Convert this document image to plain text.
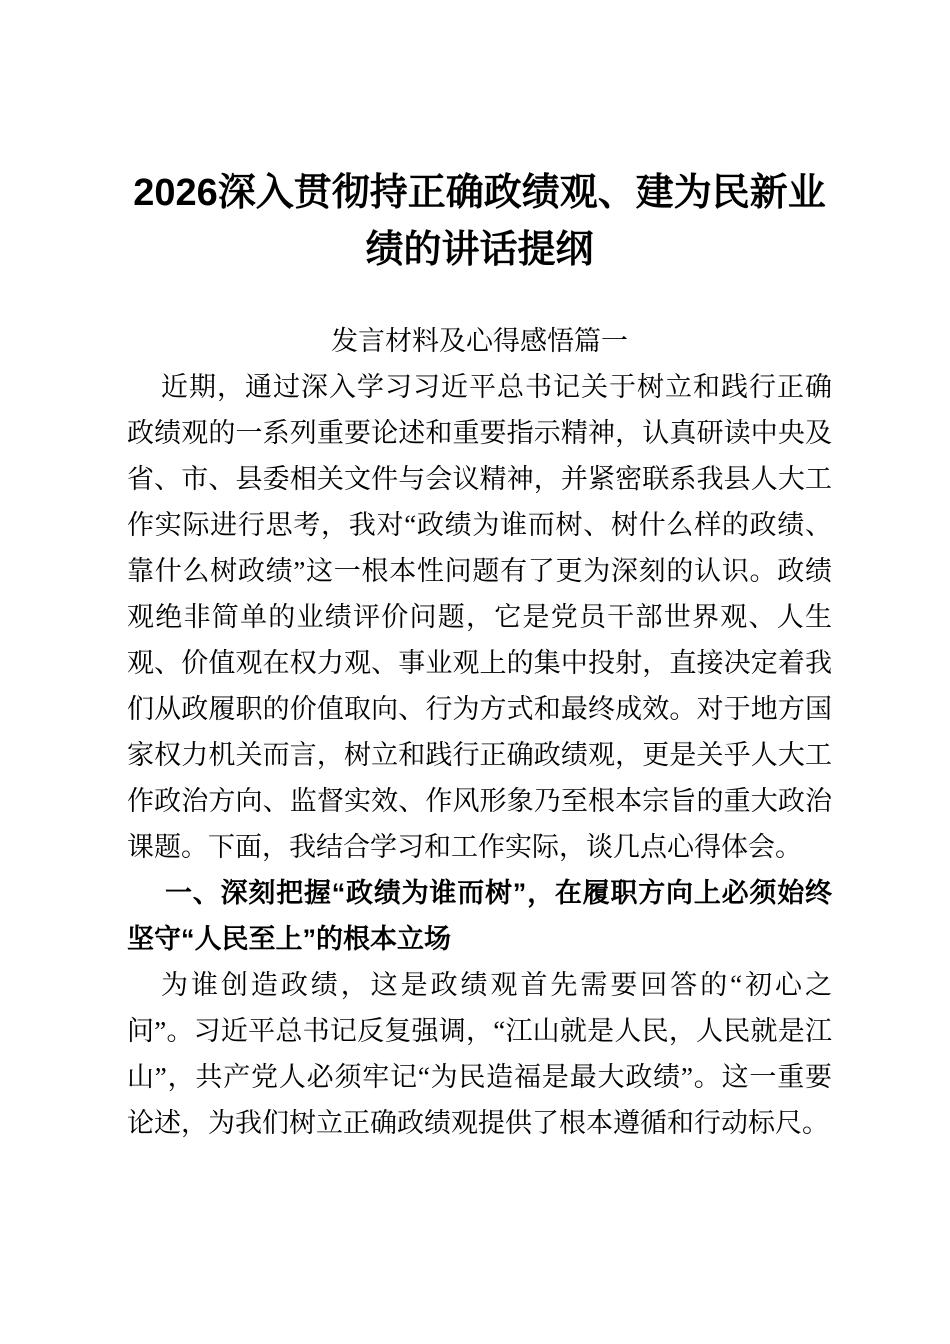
2026深入贯彻持正确政绩观、建为民新业绩的讲话提纲
发言材料及心得感悟篇一

近期，通过深入学习习近平总书记关于树立和践行正确政绩观的一系列重要论述和重要指示精神，认真研读中央及省、市、县委相关文件与会议精神，并紧密联系我县人大工作实际进行思考，我对“政绩为谁而树、树什么样的政绩、靠什么树政绩”这一根本性问题有了更为深刻的认识。政绩观绝非简单的业绩评价问题，它是党员干部世界观、人生观、价值观在权力观、事业观上的集中投射，直接决定着我们从政履职的价值取向、行为方式和最终成效。对于地方国家权力机关而言，树立和践行正确政绩观，更是关乎人大工作政治方向、监督实效、作风形象乃至根本宗旨的重大政治课题。下面，我结合学习和工作实际，谈几点心得体会。

一、深刻把握“政绩为谁而树”，在履职方向上必须始终坚守“人民至上”的根本立场

为谁创造政绩，这是政绩观首先需要回答的“初心之问”。习近平总书记反复强调，“江山就是人民，人民就是江山”，共产党人必须牢记“为民造福是最大政绩”。这一重要论述，为我们树立正确政绩观提供了根本遵循和行动标尺。
